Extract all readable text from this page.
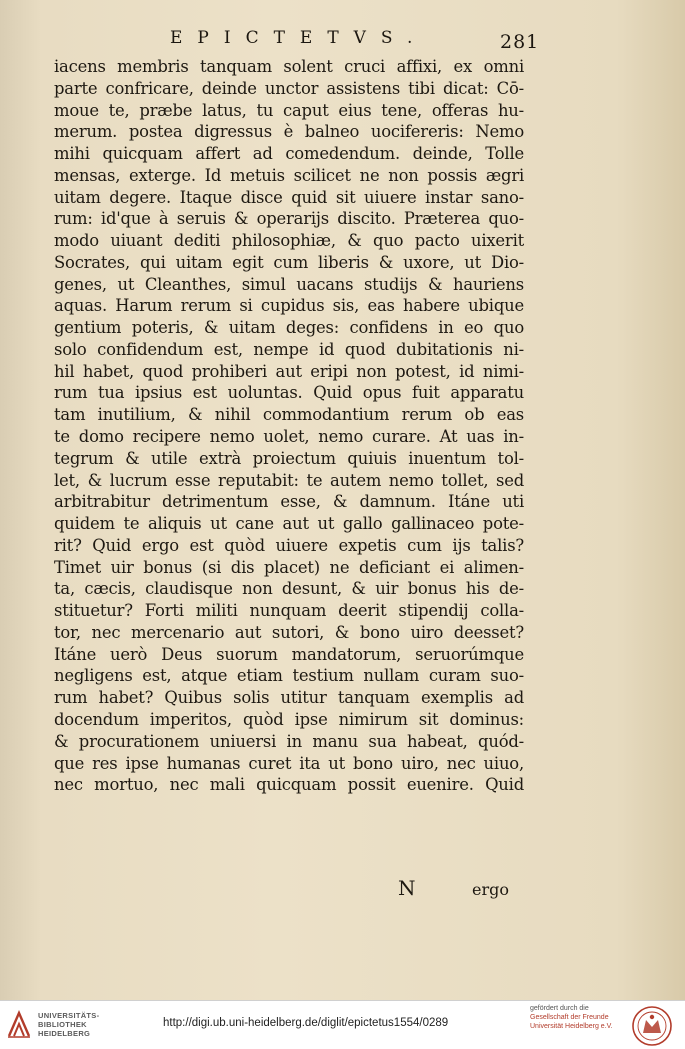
EPICTETVS.	281
iacens membris tanquam solent cruci affixi, ex omni
parte confricare, deinde unctor assistens tibi dicat: Cō-
moue te, præbe latus, tu caput eius tene, offeras hu-
merum. postea digressus è balneo uocifereris: Nemo
mihi quicquam affert ad comedendum. deinde, Tolle
mensas, exterge. Id metuis scilicet ne non possis ægri
uitam degere. Itaque disce quid sit uiuere instar sano-
rum: id'que à seruis & operarijs discito. Præterea quo-
modo uiuant dediti philosophiæ, & quo pacto uixerit
Socrates, qui uitam egit cum liberis & uxore, ut Dio-
genes, ut Cleanthes, simul uacans studijs & hauriens
aquas. Harum rerum si cupidus sis, eas habere ubique
gentium poteris, & uitam deges: confidens in eo quo
solo confidendum est, nempe id quod dubitationis ni-
hil habet, quod prohiberi aut eripi non potest, id nimi-
rum tua ipsius est uoluntas. Quid opus fuit apparatu
tam inutilium, & nihil commodantium rerum ob eas
te domo recipere nemo uolet, nemo curare. At uas in-
tegrum & utile extrà proiectum quiuis inuentum tol-
let, & lucrum esse reputabit: te autem nemo tollet, sed
arbitrabitur detrimentum esse, & damnum. Itáne uti
quidem te aliquis ut cane aut ut gallo gallinaceo pote-
rit? Quid ergo est quòd uiuere expetis cum ijs talis?
Timet uir bonus (si dis placet) ne deficiant ei alimen-
ta, cæcis, claudisque non desunt, & uir bonus his de-
stituetur? Forti militi nunquam deerit stipendij colla-
tor, nec mercenario aut sutori, & bono uiro deesset?
Itáne uerò Deus suorum mandatorum, seruorúmque
negligens est, atque etiam testium nullam curam suo-
rum habet? Quibus solis utitur tanquam exemplis ad
docendum imperitos, quòd ipse nimirum sit dominus:
& procurationem uniuersi in manu sua habeat, quód-
que res ipse humanas curet ita ut bono uiro, nec uiuo,
nec mortuo, nec mali quicquam possit euenire. Quid
N	ergo
UNIVERSITÄTS-
BIBLIOTHEK
HEIDELBERG
http://digi.ub.uni-heidelberg.de/diglit/epictetus1554/0289
gefördert durch die
Gesellschaft der Freunde
Universität Heidelberg e.V.
